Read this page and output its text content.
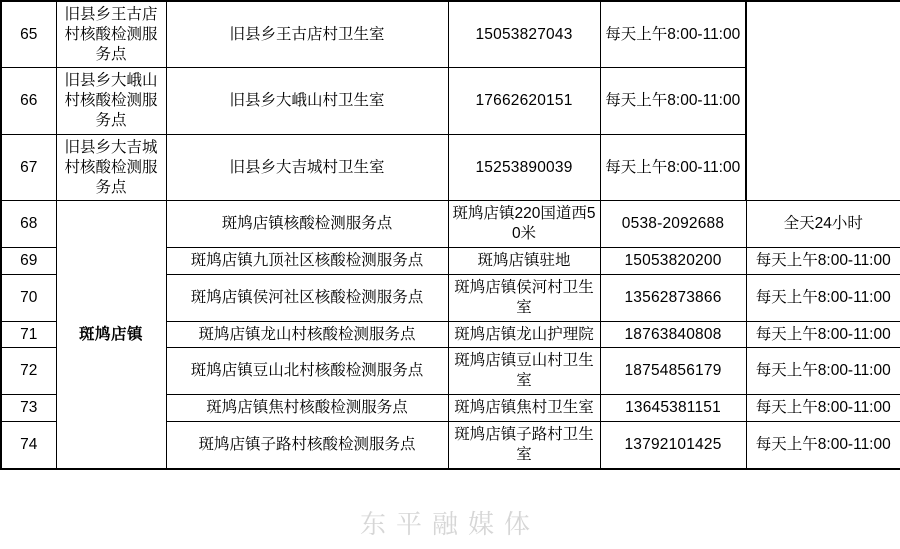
65	旧县乡王古店村核酸检测服务点	旧县乡王古店村卫生室	15053827043	每天上午8:00-11:00	
66	旧县乡大峨山村核酸检测服务点	旧县乡大峨山村卫生室	17662620151	每天上午8:00-11:00	
67	旧县乡大吉城村核酸检测服务点	旧县乡大吉城村卫生室	15253890039	每天上午8:00-11:00	
68	斑鸠店镇	斑鸠店镇核酸检测服务点	斑鸠店镇220国道西50米	0538-2092688	全天24小时
69		斑鸠店镇九顶社区核酸检测服务点	斑鸠店镇驻地	15053820200	每天上午8:00-11:00
70		斑鸠店镇侯河社区核酸检测服务点	斑鸠店镇侯河村卫生室	13562873866	每天上午8:00-11:00
71		斑鸠店镇龙山村核酸检测服务点	斑鸠店镇龙山护理院	18763840808	每天上午8:00-11:00
72		斑鸠店镇豆山北村核酸检测服务点	斑鸠店镇豆山村卫生室	18754856179	每天上午8:00-11:00
73		斑鸠店镇焦村核酸检测服务点	斑鸠店镇焦村卫生室	13645381151	每天上午8:00-11:00
74		斑鸠店镇子路村核酸检测服务点	斑鸠店镇子路村卫生室	13792101425	每天上午8:00-11:00
东平融媒体
